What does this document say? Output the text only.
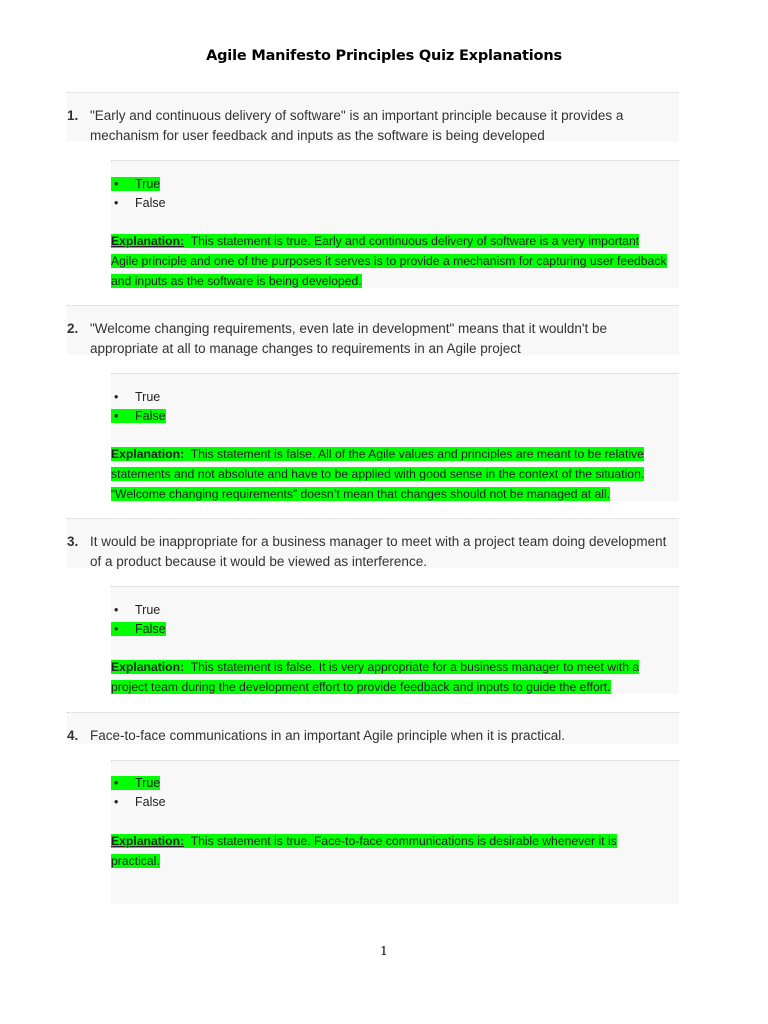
Agile Manifesto Principles Quiz Explanations
1. "Early and continuous delivery of software" is an important principle because it provides a mechanism for user feedback and inputs as the software is being developed
• True
• False
Explanation: This statement is true. Early and continuous delivery of software is a very important Agile principle and one of the purposes it serves is to provide a mechanism for capturing user feedback and inputs as the software is being developed.
2. "Welcome changing requirements, even late in development" means that it wouldn't be appropriate at all to manage changes to requirements in an Agile project
• True
• False
Explanation: This statement is false. All of the Agile values and principles are meant to be relative statements and not absolute and have to be applied with good sense in the context of the situation. “Welcome changing requirements” doesn’t mean that changes should not be managed at all.
3. It would be inappropriate for a business manager to meet with a project team doing development of a product because it would be viewed as interference.
• True
• False
Explanation: This statement is false. It is very appropriate for a business manager to meet with a project team during the development effort to provide feedback and inputs to guide the effort.
4. Face-to-face communications in an important Agile principle when it is practical.
• True
• False
Explanation: This statement is true. Face-to-face communications is desirable whenever it is practical.
1
